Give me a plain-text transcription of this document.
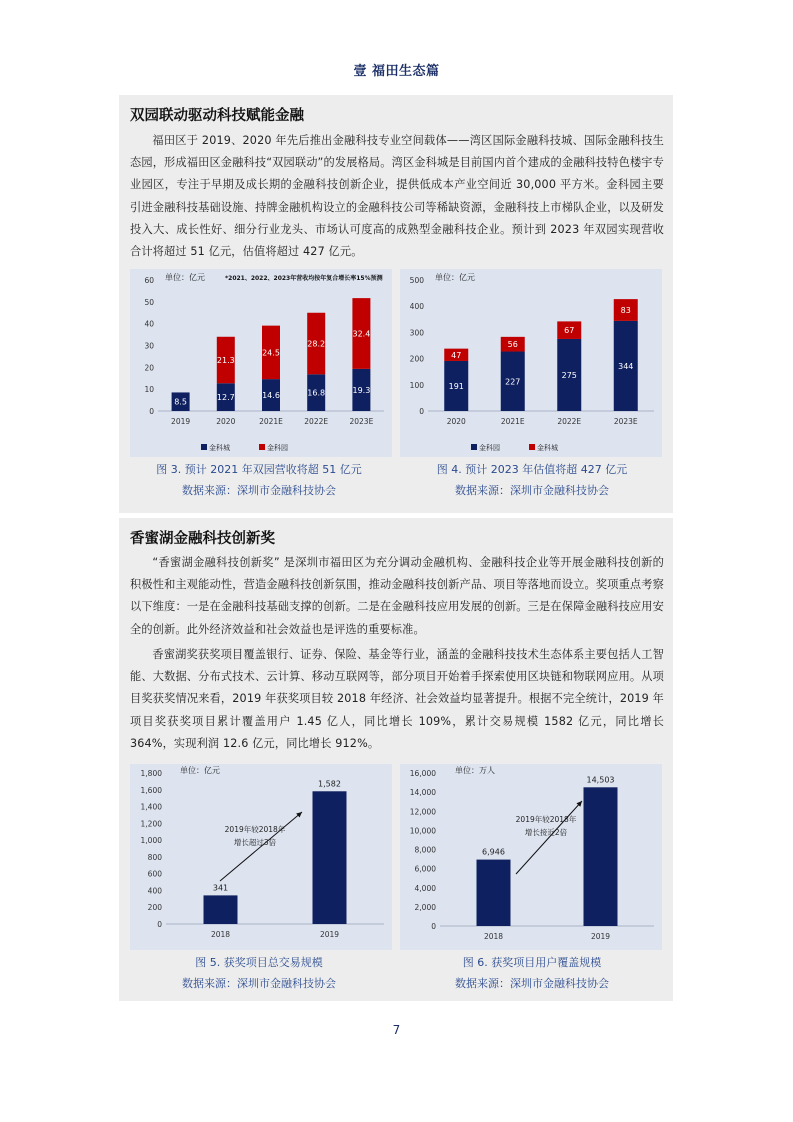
壹 福田生态篇
双园联动驱动科技赋能金融
福田区于 2019、2020 年先后推出金融科技专业空间载体——湾区国际金融科技城、国际金融科技生态园，形成福田区金融科技“双园联动”的发展格局。湾区金科城是目前国内首个建成的金融科技特色楼宇专业园区，专注于早期及成长期的金融科技创新企业，提供低成本产业空间近 30,000 平方米。金科园主要引进金融科技基础设施、持牌金融机构设立的金融科技公司等稀缺资源，金融科技上市梯队企业，以及研发投入大、成长性好、细分行业龙头、市场认可度高的成熟型金融科技企业。预计到 2023 年双园实现营收合计将超过 51 亿元，估值将超过 427 亿元。
0
10
20
30
40
50
60 单位：亿元	*2021、2022、2023年营收均按年复合增长率15%预测
2019
8.5
2020
12.7
21.3
2021E
14.6
24.5
2022E
16.8
28.2
2023E
19.3
32.4
金科城	金科园
0
100
200
300
400
500 单位：亿元
2020
191
47
2021E
227
56
2022E
275
67
2023E
344
83
金科园	金科城
图 3. 预计 2021 年双园营收将超 51 亿元
数据来源：深圳市金融科技协会
图 4. 预计 2023 年估值将超 427 亿元
数据来源：深圳市金融科技协会
香蜜湖金融科技创新奖
“香蜜湖金融科技创新奖” 是深圳市福田区为充分调动金融机构、金融科技企业等开展金融科技创新的积极性和主观能动性，营造金融科技创新氛围，推动金融科技创新产品、项目等落地而设立。奖项重点考察以下维度：一是在金融科技基础支撑的创新。二是在金融科技应用发展的创新。三是在保障金融科技应用安全的创新。此外经济效益和社会效益也是评选的重要标准。
香蜜湖奖获奖项目覆盖银行、证券、保险、基金等行业，涵盖的金融科技技术生态体系主要包括人工智能、大数据、分布式技术、云计算、移动互联网等，部分项目开始着手探索使用区块链和物联网应用。从项目奖获奖情况来看，2019 年获奖项目较 2018 年经济、社会效益均显著提升。根据不完全统计，2019 年项目奖获奖项目累计覆盖用户 1.45 亿人，同比增长 109%，累计交易规模 1582 亿元，同比增长 364%，实现利润 12.6 亿元，同比增长 912%。
0
200
400
600
800
1,000
1,200
1,400
1,600
1,800 单位：亿元
2018
341
2019
1,582
2019年较2018年
增长超过3倍
0
2,000
4,000
6,000
8,000
10,000
12,000
14,000
16,000 单位：万人
2018
6,946
2019
14,503
2019年较2018年
增长接近2倍
图 5. 获奖项目总交易规模
数据来源：深圳市金融科技协会
图 6. 获奖项目用户覆盖规模
数据来源：深圳市金融科技协会
7
